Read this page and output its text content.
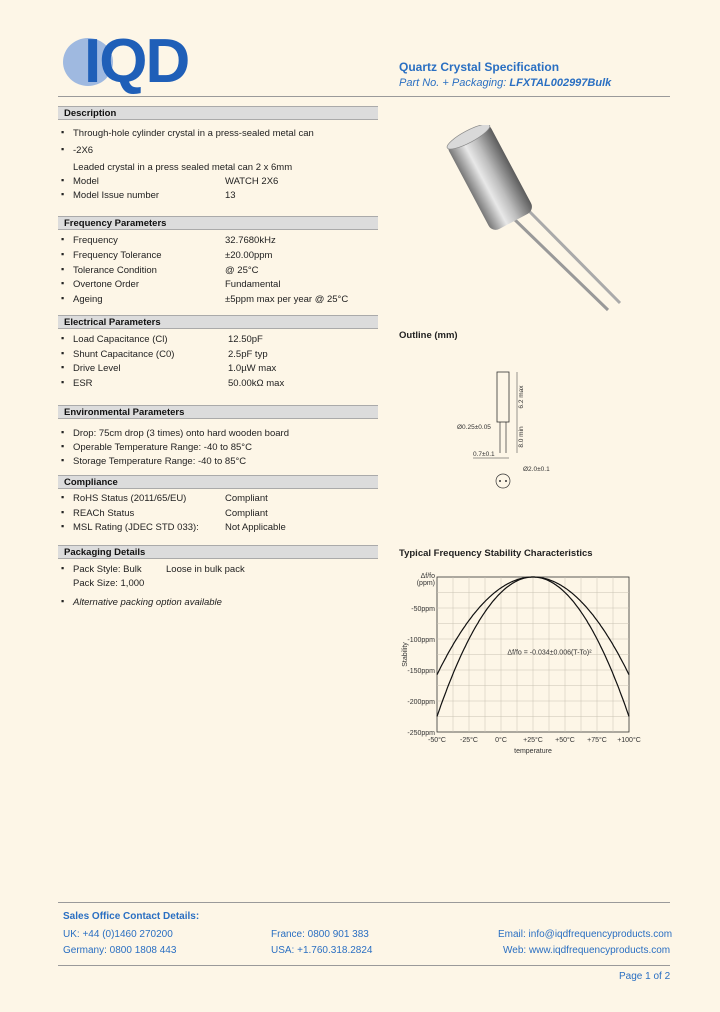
IQD	Quartz Crystal Specification
Part No. + Packaging: LFXTAL002997Bulk
Description
▪ Through-hole cylinder crystal in a press-sealed metal can
▪ -2X6
Leaded crystal in a press sealed metal can 2 x 6mm
▪ Model	WATCH 2X6
▪ Model Issue number	13
Frequency Parameters
▪ Frequency	32.7680kHz
▪ Frequency Tolerance	±20.00ppm
▪ Tolerance Condition	@ 25°C
▪ Overtone Order	Fundamental
▪ Ageing	±5ppm max per year @ 25°C
Electrical Parameters
▪ Load Capacitance (Cl)	12.50pF
▪ Shunt Capacitance (C0)	2.5pF typ
▪ Drive Level	1.0µW max
▪ ESR	50.00kΩ max
Environmental Parameters
▪ Drop: 75cm drop (3 times) onto hard wooden board
▪ Operable Temperature Range: -40 to 85°C
▪ Storage Temperature Range: -40 to 85°C
Compliance
▪ RoHS Status (2011/65/EU)	Compliant
▪ REACh Status	Compliant
▪ MSL Rating (JDEC STD 033):	Not Applicable
Packaging Details
▪ Pack Style: Bulk	Loose in bulk pack
Pack Size: 1,000
▪ Alternative packing option available
Outline (mm)
6.2 max
8.0 min
Ø0.25±0.05
0.7±0.1
Ø2.0±0.1
Typical Frequency Stability Characteristics
-50°C -25°C 0°C +25°C +50°C +75°C +100°C
(ppm)
-50ppm
-100ppm
-150ppm
-200ppm
-250ppm
Δf/fo
temperature
Stability	Δf/fo = -0.034±0.006(T-To)²
Sales Office Contact Details:
UK: +44 (0)1460 270200
Germany: 0800 1808 443
France: 0800 901 383
USA: +1.760.318.2824
Email: info@iqdfrequencyproducts.com
Web: www.iqdfrequencyproducts.com
Page 1 of 2
